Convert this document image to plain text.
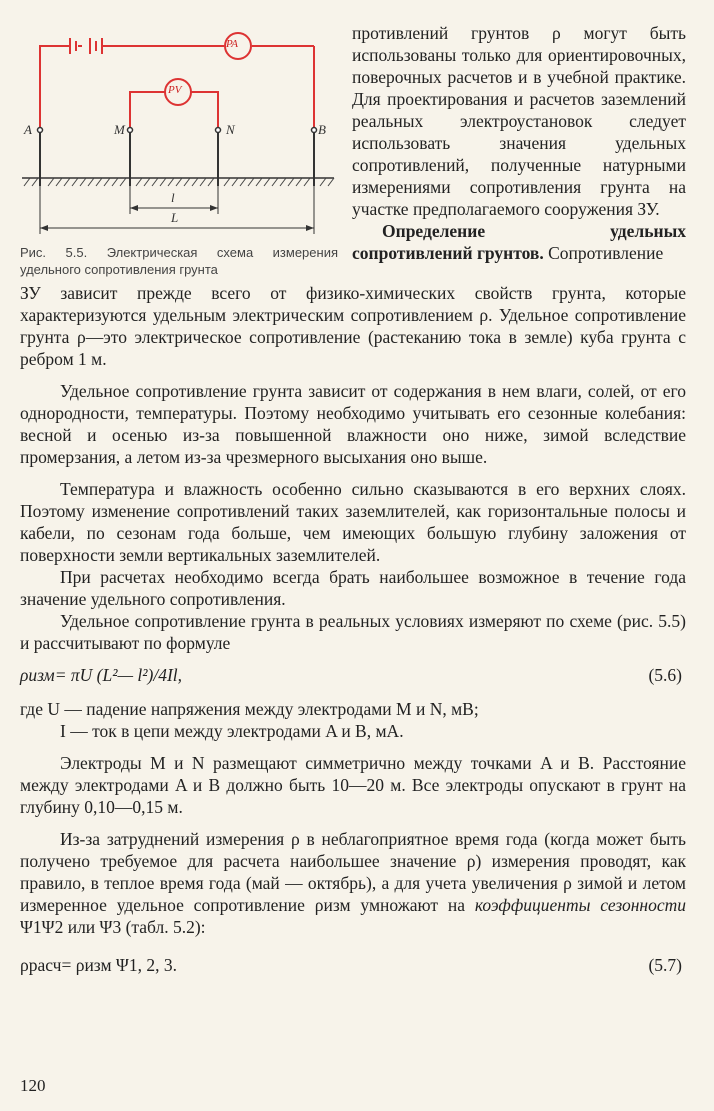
PA
PV
A	M	N	B
l
L
Рис. 5.5. Электрическая схема измерения удельного сопротивления грунта

противлений грунтов ρ могут быть использованы только для ориентировочных, поверочных расчетов и в учебной практике. Для проектирования и расчетов заземлений реальных электроустановок следует использовать значения удельных сопротивлений, полученные натурными измерениями сопротивления грунта на участке предполагаемого сооружения ЗУ.

Определение удельных сопротивлений грунтов. Сопротивление

ЗУ зависит прежде всего от физико-химических свойств грунта, которые характеризуются удельным электрическим сопротивлением ρ. Удельное сопротивление грунта ρ—это электрическое сопротивление (растеканию тока в земле) куба грунта с ребром 1 м.

Удельное сопротивление грунта зависит от содержания в нем влаги, солей, от его однородности, температуры. Поэтому необходимо учитывать его сезонные колебания: весной и осенью из-за повышенной влажности оно ниже, зимой вследствие промерзания, а летом из-за чрезмерного высыхания оно выше.

Температура и влажность особенно сильно сказываются в его верхних слоях. Поэтому изменение сопротивлений таких заземлителей, как горизонтальные полосы и кабели, по сезонам года больше, чем имеющих большую глубину заложения от поверхности земли вертикальных заземлителей.

При расчетах необходимо всегда брать наибольшее возможное в течение года значение удельного сопротивления.

Удельное сопротивление грунта в реальных условиях измеряют по схеме (рис. 5.5) и рассчитывают по формуле

ρизм= πU (L²— l²)/4Il,	(5.6)
где U — падение напряжения между электродами M и N, мВ;
I — ток в цепи между электродами A и B, мА.

Электроды M и N размещают симметрично между точками A и B. Расстояние между электродами A и B должно быть 10—20 м. Все электроды опускают в грунт на глубину 0,10—0,15 м.

Из-за затруднений измерения ρ в неблагоприятное время года (когда может быть получено требуемое для расчета наибольшее значение ρ) измерения проводят, как правило, в теплое время года (май — октябрь), а для учета увеличения ρ зимой и летом измеренное удельное сопротивление ρизм умножают на коэффициенты сезонности Ψ1Ψ2 или Ψ3 (табл. 5.2):

ρрасч= ρизм Ψ1, 2, 3.	(5.7)
120
